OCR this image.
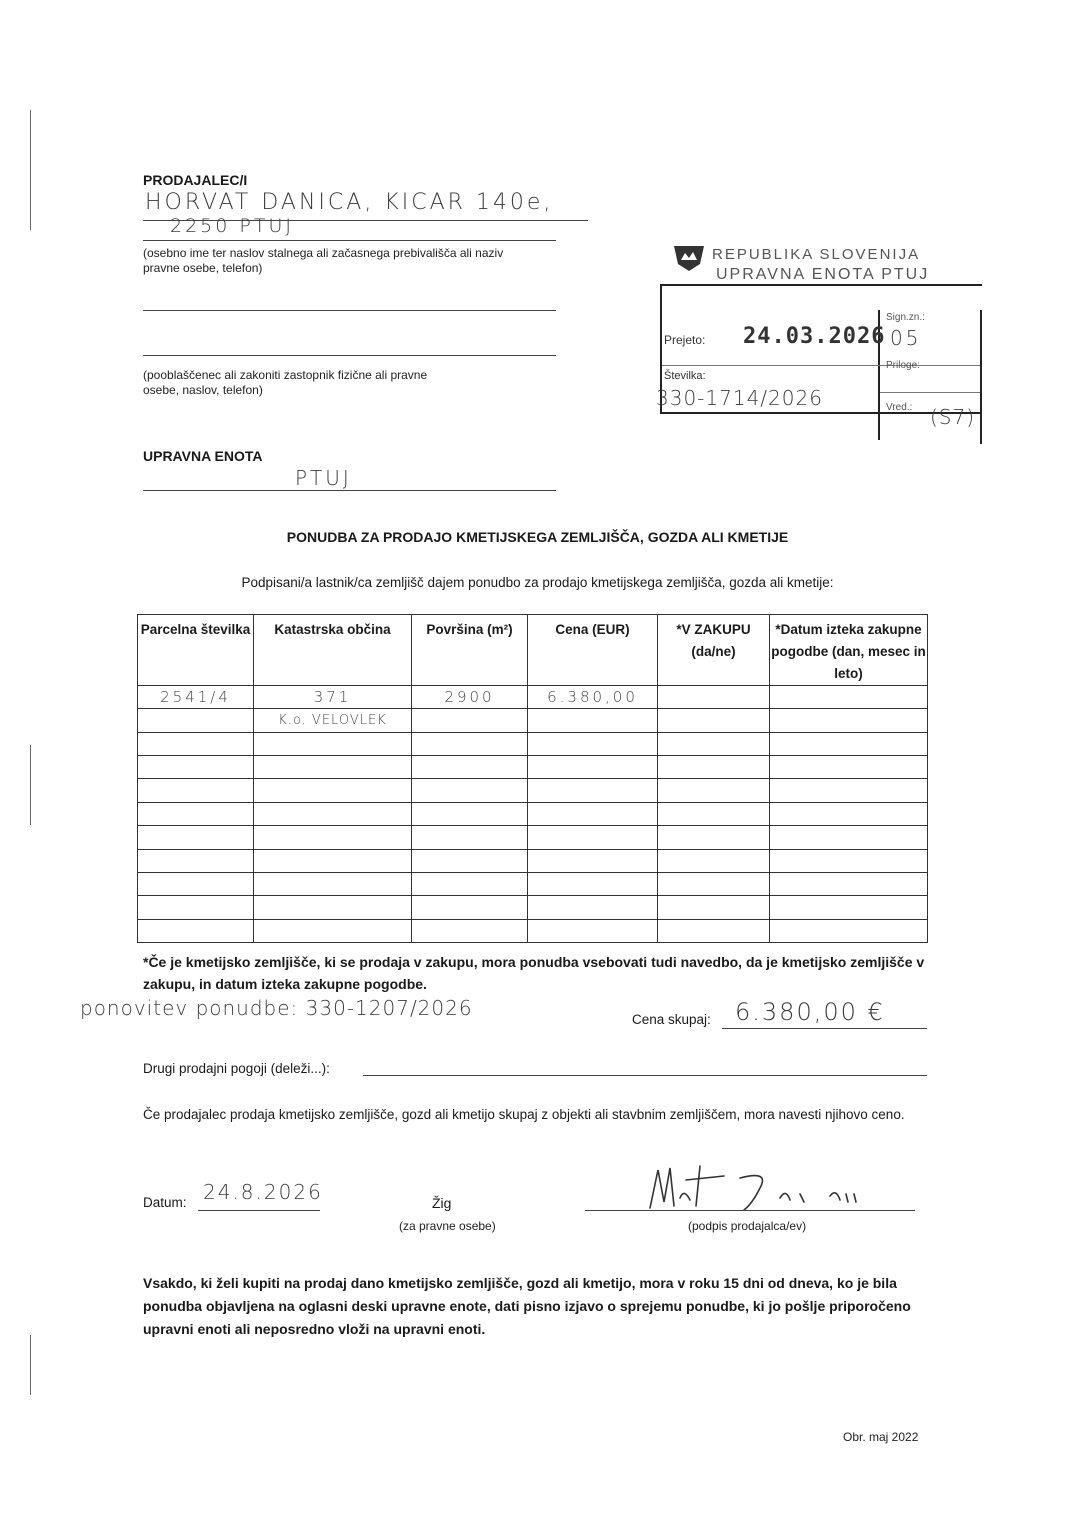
PRODAJALEC/I
HORVAT DANICA, KICAR 140e,
2250 PTUJ
(osebno ime ter naslov stalnega ali začasnega prebivališča ali naziv pravne osebe, telefon)
(pooblaščenec ali zakoniti zastopnik fizične ali pravne osebe, naslov, telefon)
UPRAVNA ENOTA
PTUJ
REPUBLIKA SLOVENIJA
UPRAVNA ENOTA PTUJ
Prejeto: 24.03.2026
Sign.zn.:
05
Priloge:
Številka:
330-1714/2026	Vred.: (S7)
PONUDBA ZA PRODAJO KMETIJSKEGA ZEMLJIŠČA, GOZDA ALI KMETIJE
Podpisani/a lastnik/ca zemljišč dajem ponudbo za prodajo kmetijskega zemljišča, gozda ali kmetije:
Parcelna številka	Katastrska občina	Površina (m²)	Cena (EUR)	*V ZAKUPU (da/ne)	*Datum izteka zakupne pogodbe (dan, mesec in leto)
2541/4	371	2900	6.380,00		
	K.o. VELOVLEK				

*Če je kmetijsko zemljišče, ki se prodaja v zakupu, mora ponudba vsebovati tudi navedbo, da je kmetijsko zemljišče v zakupu, in datum izteka zakupne pogodbe.
ponovitev ponudbe: 330-1207/2026	Cena skupaj: 6.380,00 €
Drugi prodajni pogoji (deleži...):
Če prodajalec prodaja kmetijsko zemljišče, gozd ali kmetijo skupaj z objekti ali stavbnim zemljiščem, mora navesti njihovo ceno.
Datum: 24.8.2026	Žig
(za pravne osebe)	(podpis prodajalca/ev)
Vsakdo, ki želi kupiti na prodaj dano kmetijsko zemljišče, gozd ali kmetijo, mora v roku 15 dni od dneva, ko je bila ponudba objavljena na oglasni deski upravne enote, dati pisno izjavo o sprejemu ponudbe, ki jo pošlje priporočeno upravni enoti ali neposredno vloži na upravni enoti.
Obr. maj 2022
